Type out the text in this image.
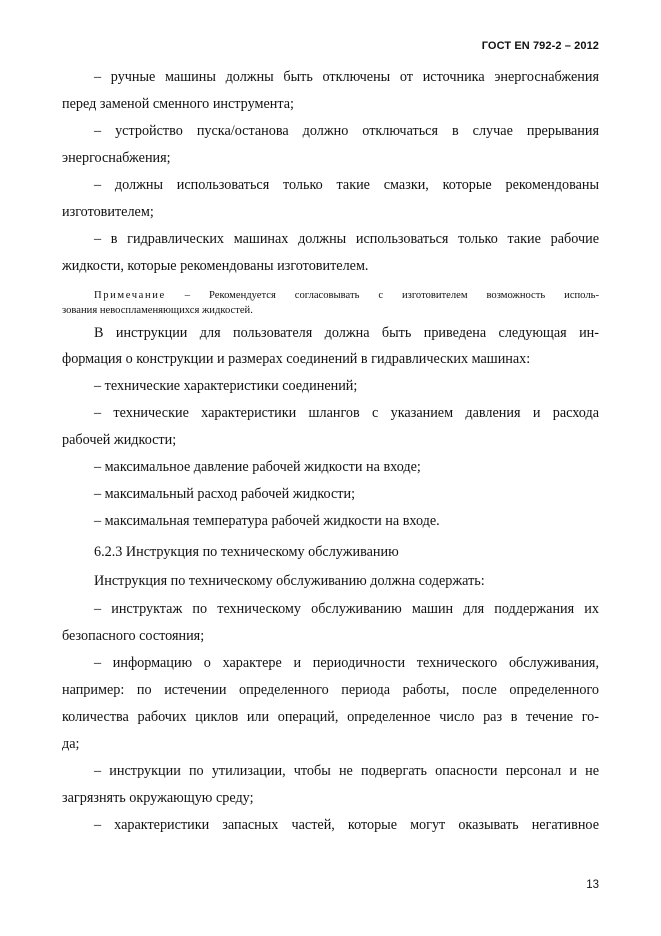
ГОСТ EN 792-2 – 2012
– ручные машины должны быть отключены от источника энергоснабжения
перед заменой сменного инструмента;
– устройство пуска/останова должно отключаться в случае прерывания
энергоснабжения;
– должны использоваться только такие смазки, которые рекомендованы
изготовителем;
– в гидравлических машинах должны использоваться только такие рабочие
жидкости, которые рекомендованы изготовителем.
Примечание – Рекомендуется согласовывать с изготовителем возможность исполь-
зования невоспламеняющихся жидкостей.
В инструкции для пользователя должна быть приведена следующая ин-
формация о конструкции и размерах соединений в гидравлических машинах:
– технические характеристики соединений;
– технические характеристики шлангов с указанием давления и расхода
рабочей жидкости;
– максимальное давление рабочей жидкости на входе;
– максимальный расход рабочей жидкости;
– максимальная температура рабочей жидкости на входе.
6.2.3 Инструкция по техническому обслуживанию
Инструкция по техническому обслуживанию должна содержать:
– инструктаж по техническому обслуживанию машин для поддержания их
безопасного состояния;
– информацию о характере и периодичности технического обслуживания,
например: по истечении определенного периода работы, после определенного
количества рабочих циклов или операций, определенное число раз в течение го-
да;
– инструкции по утилизации, чтобы не подвергать опасности персонал и не
загрязнять окружающую среду;
– характеристики запасных частей, которые могут оказывать негативное
13
